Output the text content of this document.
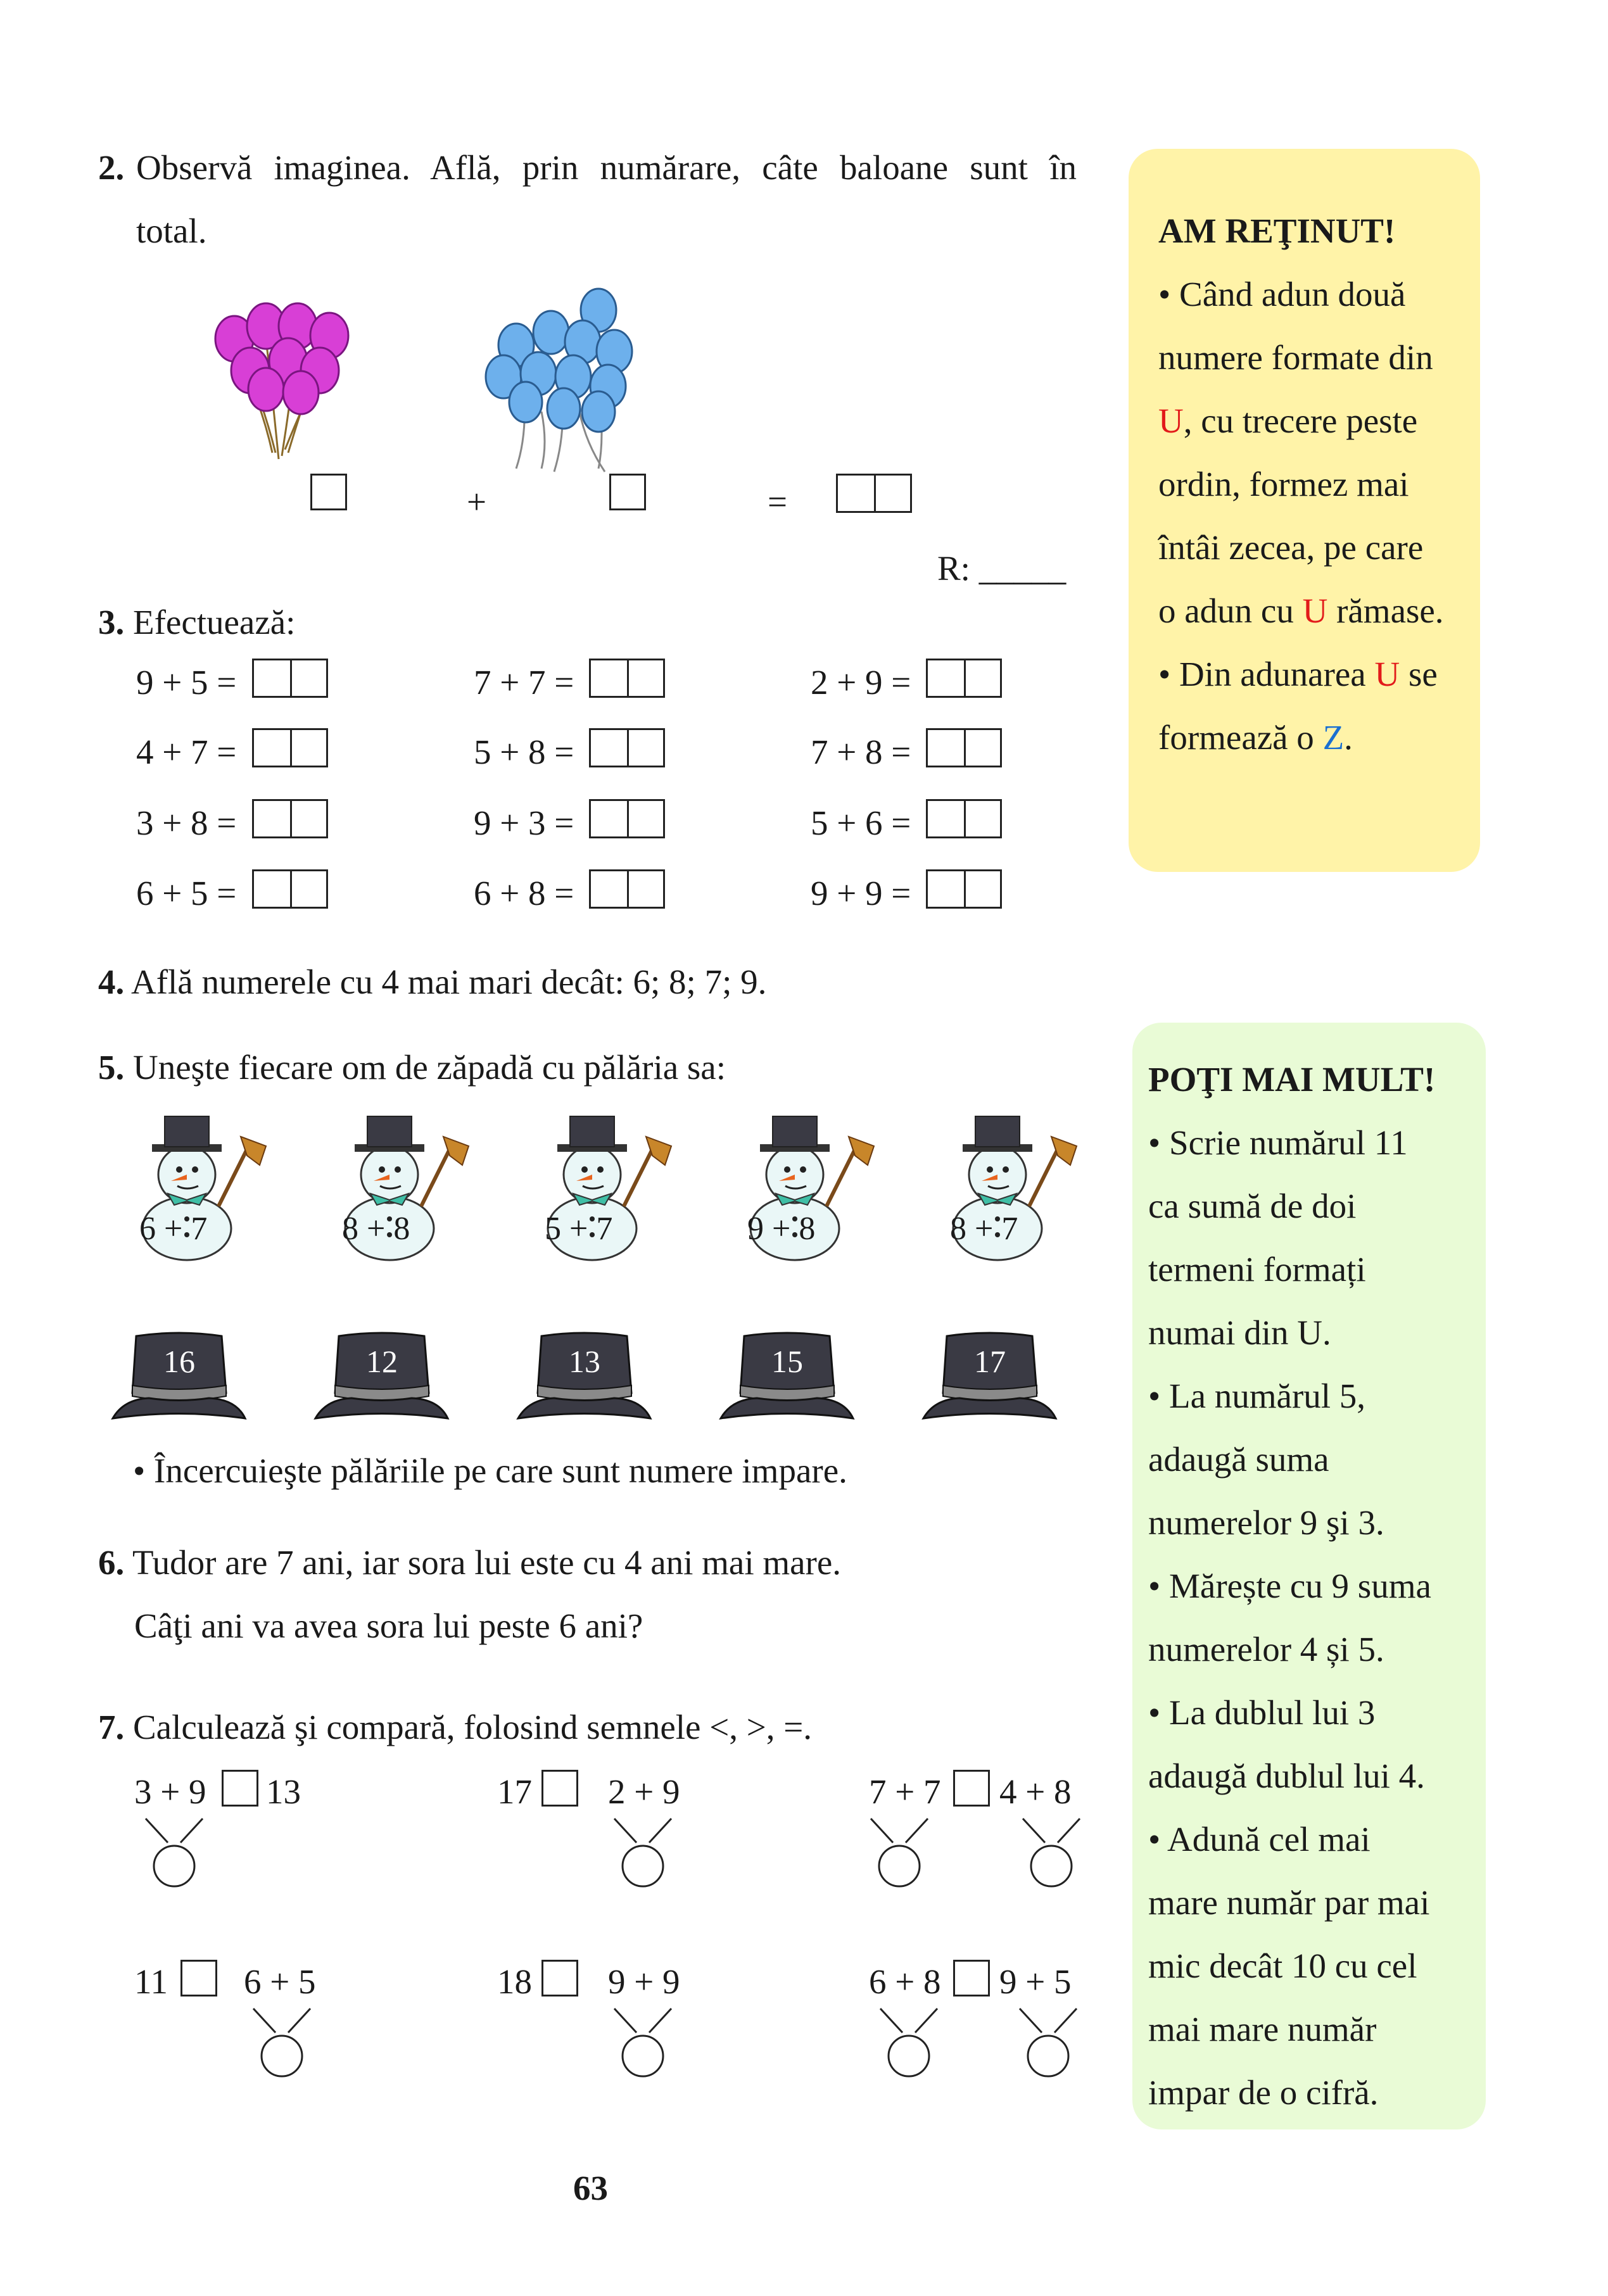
2. Observă imaginea. Află, prin numărare, câte baloane sunt în
total.
+	=
R: _____
3. Efectuează:
9 + 5 =	7 + 7 =	2 + 9 =
4 + 7 =	5 + 8 =	7 + 8 =
3 + 8 =	9 + 3 =	5 + 6 =
6 + 5 =	6 + 8 =	9 + 9 =
4. Află numerele cu 4 mai mari decât: 6; 8; 7; 9.
5. Uneşte fiecare om de zăpadă cu pălăria sa:
6 + 7	8 + 8	5 + 7	9 + 8	8 + 7
16	12	13	15	17
• Încercuieşte pălăriile pe care sunt numere impare.
6. Tudor are 7 ani, iar sora lui este cu 4 ani mai mare.
Câţi ani va avea sora lui peste 6 ani?
7. Calculează şi compară, folosind semnele <, >, =.
3 + 9 13	17 2 + 9	7 + 7 4 + 8
11 6 + 5	18 9 + 9	6 + 8 9 + 5
AM REŢINUT!
• Când adun două
numere formate din
U, cu trecere peste
ordin, formez mai
întâi zecea, pe care
o adun cu U rămase.
• Din adunarea U se
formează o Z.
POŢI MAI MULT!
• Scrie numărul 11
ca sumă de doi
termeni formați
numai din U.
• La numărul 5,
adaugă suma
numerelor 9 şi 3.
• Mărește cu 9 suma
numerelor 4 și 5.
• La dublul lui 3
adaugă dublul lui 4.
• Adună cel mai
mare număr par mai
mic decât 10 cu cel
mai mare număr
impar de o cifră.
63
